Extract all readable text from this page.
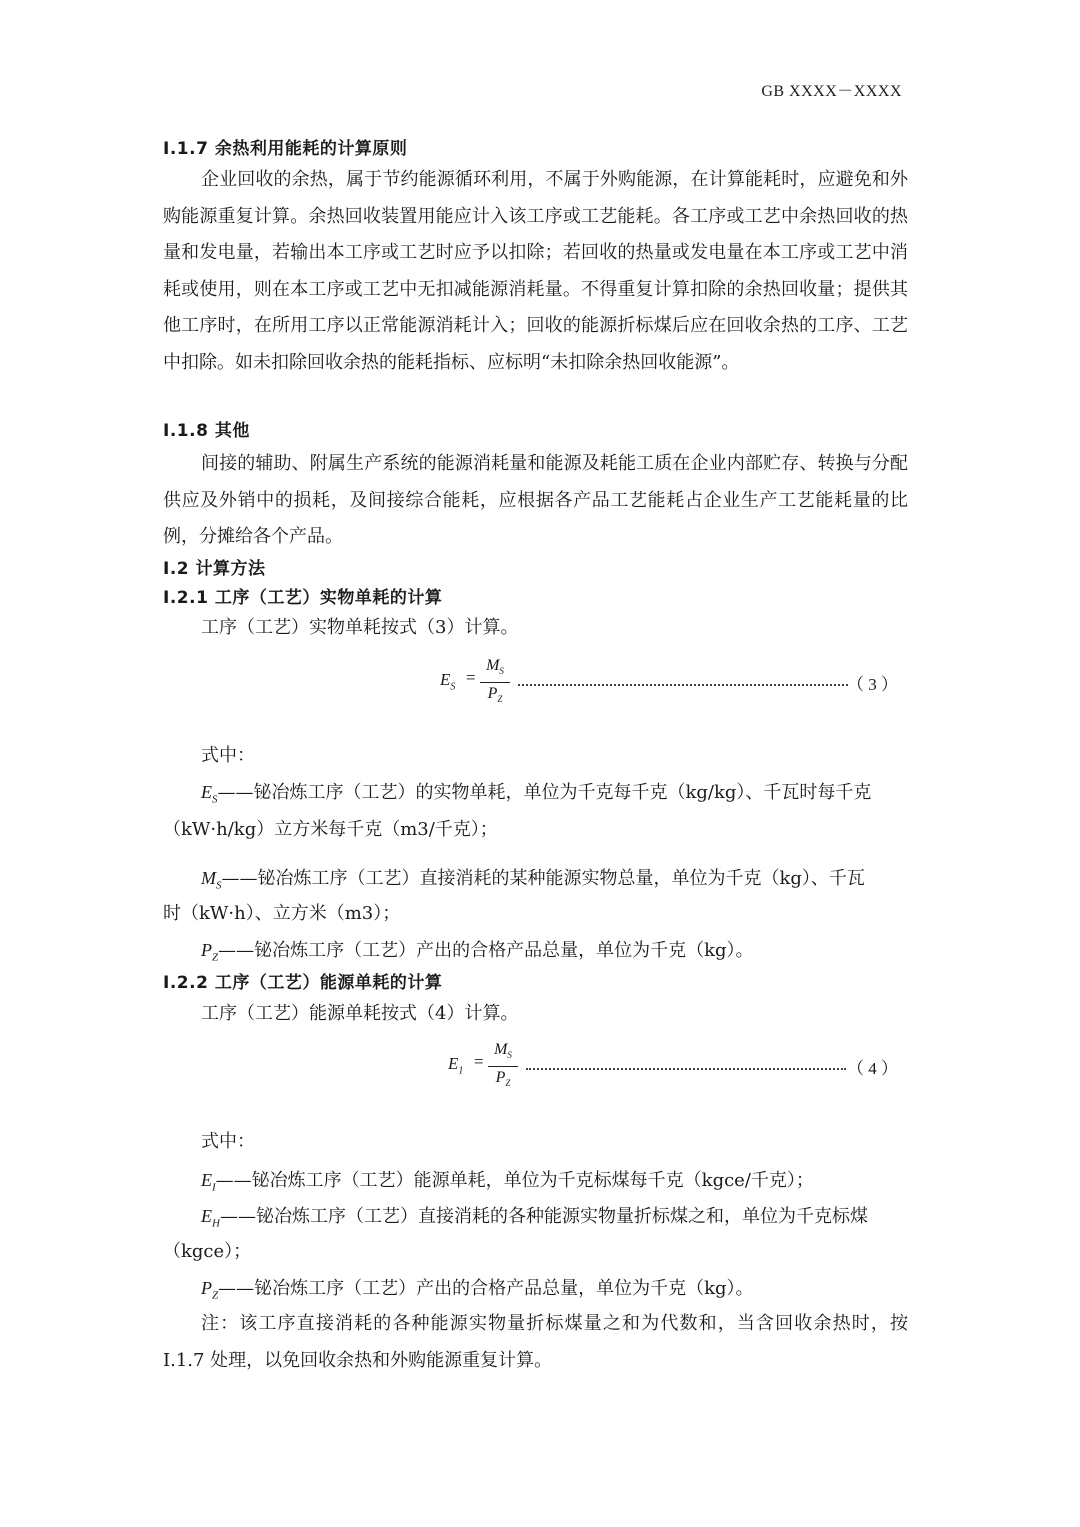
GB XXXX－XXXX
I.1.7 余热利用能耗的计算原则
企业回收的余热，属于节约能源循环利用，不属于外购能源，在计算能耗时，应避免和外购能源重复计算。余热回收装置用能应计入该工序或工艺能耗。各工序或工艺中余热回收的热量和发电量，若输出本工序或工艺时应予以扣除；若回收的热量或发电量在本工序或工艺中消耗或使用，则在本工序或工艺中无扣减能源消耗量。不得重复计算扣除的余热回收量；提供其他工序时，在所用工序以正常能源消耗计入；回收的能源折标煤后应在回收余热的工序、工艺中扣除。如未扣除回收余热的能耗指标、应标明“未扣除余热回收能源”。
I.1.8 其他
间接的辅助、附属生产系统的能源消耗量和能源及耗能工质在企业内部贮存、转换与分配供应及外销中的损耗，及间接综合能耗，应根据各产品工艺能耗占企业生产工艺能耗量的比例，分摊给各个产品。
I.2 计算方法
I.2.1 工序（工艺）实物单耗的计算
工序（工艺）实物单耗按式（3）计算。
$E_S$ =
$M_S$
$P_Z$
（ 3 ）
式中：
$E_S——$铋冶炼工序（工艺）的实物单耗，单位为千克每千克（kg/kg）、千瓦时每千克
（kW·h/kg）立方米每千克（m3/千克）；
$M_S——$铋冶炼工序（工艺）直接消耗的某种能源实物总量，单位为千克（kg）、千瓦
时（kW·h）、立方米（m3）；
$P_Z——$铋冶炼工序（工艺）产出的合格产品总量，单位为千克（kg）。
I.2.2 工序（工艺）能源单耗的计算
工序（工艺）能源单耗按式（4）计算。
$E_1$ =
$M_S$
$P_Z$
（ 4 ）
式中：
$E_I——$铋冶炼工序（工艺）能源单耗，单位为千克标煤每千克（kgce/千克）；
$E_H——$铋冶炼工序（工艺）直接消耗的各种能源实物量折标煤之和，单位为千克标煤
（kgce）；
$P_Z——$铋冶炼工序（工艺）产出的合格产品总量，单位为千克（kg）。
注：该工序直接消耗的各种能源实物量折标煤量之和为代数和，当含回收余热时，按I.1.7 处理，以免回收余热和外购能源重复计算。
